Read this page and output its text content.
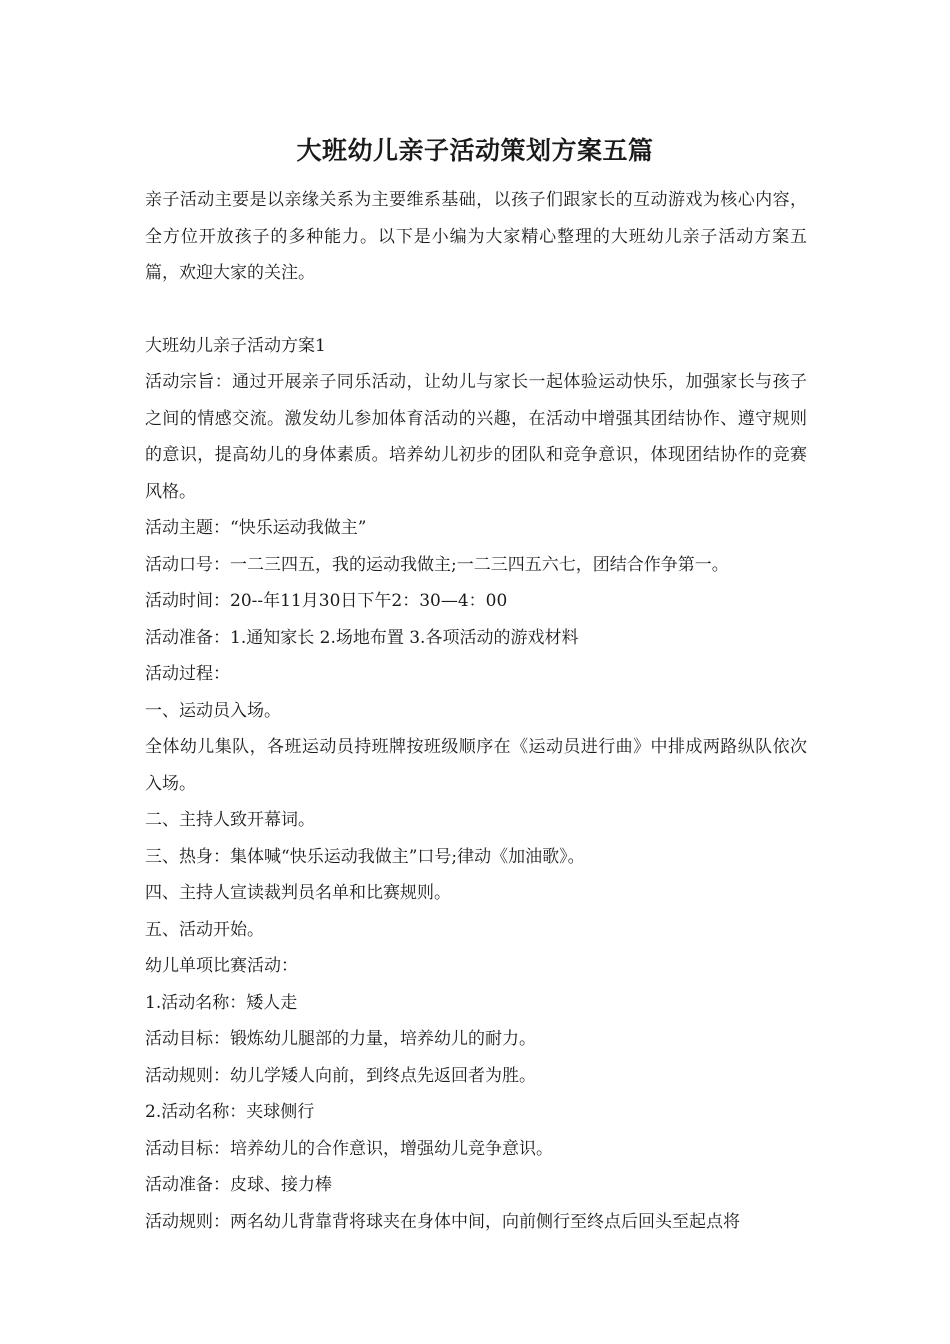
大班幼儿亲子活动策划方案五篇

亲子活动主要是以亲缘关系为主要维系基础，以孩子们跟家长的互动游戏为核心内容，全方位开放孩子的多种能力。以下是小编为大家精心整理的大班幼儿亲子活动方案五篇，欢迎大家的关注。

大班幼儿亲子活动方案1

活动宗旨：通过开展亲子同乐活动，让幼儿与家长一起体验运动快乐，加强家长与孩子之间的情感交流。激发幼儿参加体育活动的兴趣，在活动中增强其团结协作、遵守规则的意识，提高幼儿的身体素质。培养幼儿初步的团队和竞争意识，体现团结协作的竞赛风格。

活动主题：“快乐运动我做主”

活动口号：一二三四五，我的运动我做主;一二三四五六七，团结合作争第一。

活动时间：20--年11月30日下午2：30—4：00

活动准备：1.通知家长 2.场地布置 3.各项活动的游戏材料

活动过程：

一、运动员入场。

全体幼儿集队，各班运动员持班牌按班级顺序在《运动员进行曲》中排成两路纵队依次入场。

二、主持人致开幕词。

三、热身：集体喊“快乐运动我做主”口号;律动《加油歌》。

四、主持人宣读裁判员名单和比赛规则。

五、活动开始。

幼儿单项比赛活动：

1.活动名称：矮人走

活动目标：锻炼幼儿腿部的力量，培养幼儿的耐力。

活动规则：幼儿学矮人向前，到终点先返回者为胜。

2.活动名称：夹球侧行

活动目标：培养幼儿的合作意识，增强幼儿竞争意识。

活动准备：皮球、接力棒

活动规则：两名幼儿背靠背将球夹在身体中间，向前侧行至终点后回头至起点将
